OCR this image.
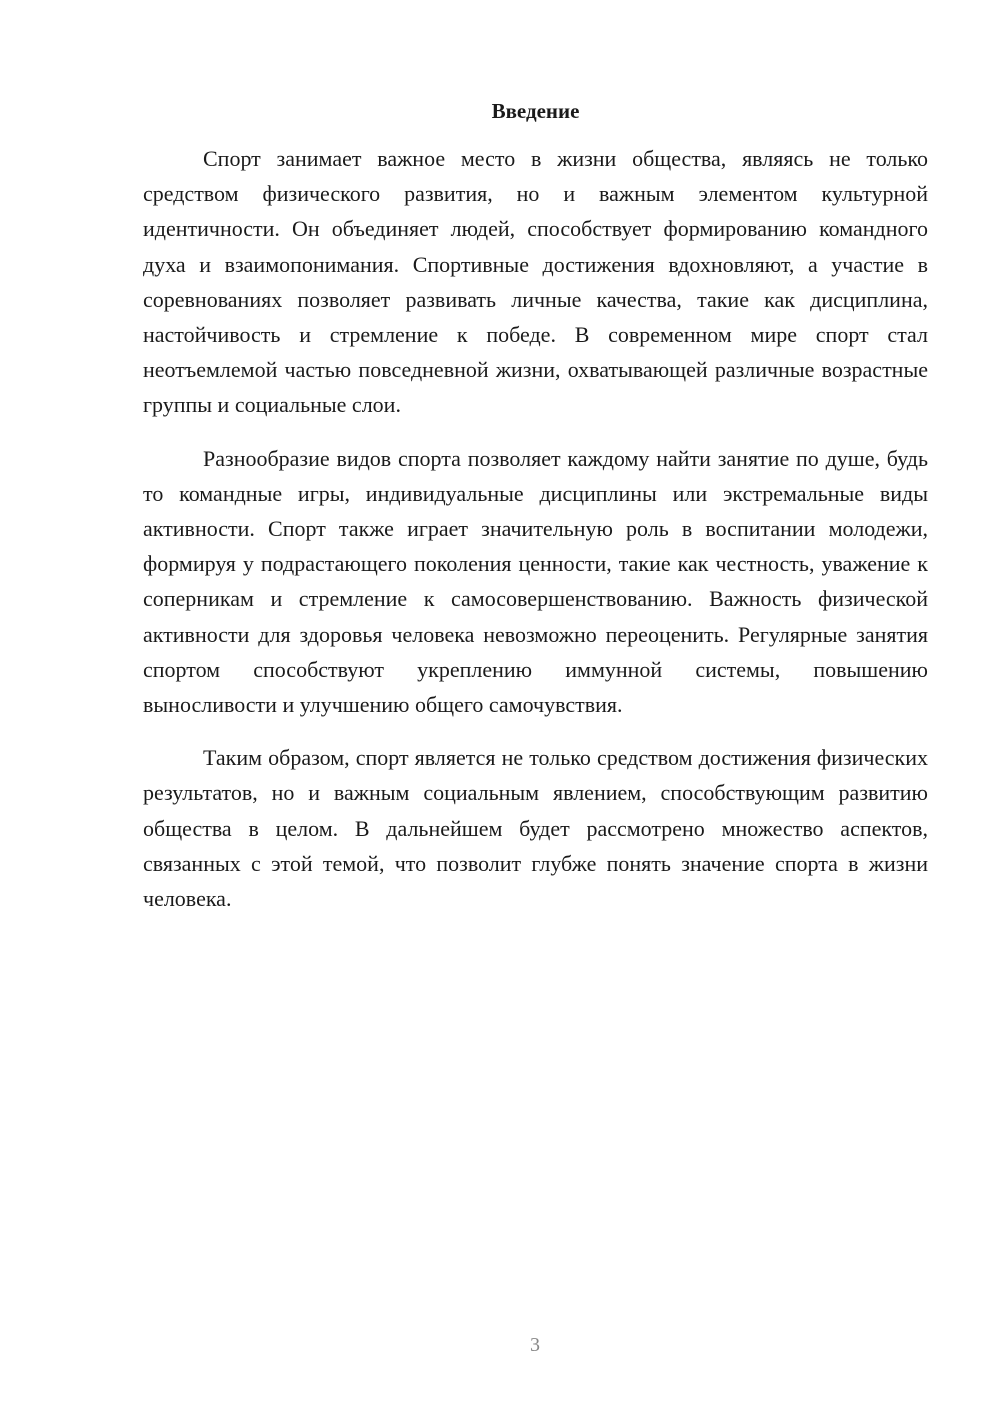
Введение

Спорт занимает важное место в жизни общества, являясь не только средством физического развития, но и важным элементом культурной идентичности. Он объединяет людей, способствует формированию командного духа и взаимопонимания. Спортивные достижения вдохновляют, а участие в соревнованиях позволяет развивать личные качества, такие как дисциплина, настойчивость и стремление к победе. В современном мире спорт стал неотъемлемой частью повседневной жизни, охватывающей различные возрастные группы и социальные слои.

Разнообразие видов спорта позволяет каждому найти занятие по душе, будь то командные игры, индивидуальные дисциплины или экстремальные виды активности. Спорт также играет значительную роль в воспитании молодежи, формируя у подрастающего поколения ценности, такие как честность, уважение к соперникам и стремление к самосовершенствованию. Важность физической активности для здоровья человека невозможно переоценить. Регулярные занятия спортом способствуют укреплению иммунной системы, повышению выносливости и улучшению общего самочувствия.

Таким образом, спорт является не только средством достижения физических результатов, но и важным социальным явлением, способствующим развитию общества в целом. В дальнейшем будет рассмотрено множество аспектов, связанных с этой темой, что позволит глубже понять значение спорта в жизни человека.

3
